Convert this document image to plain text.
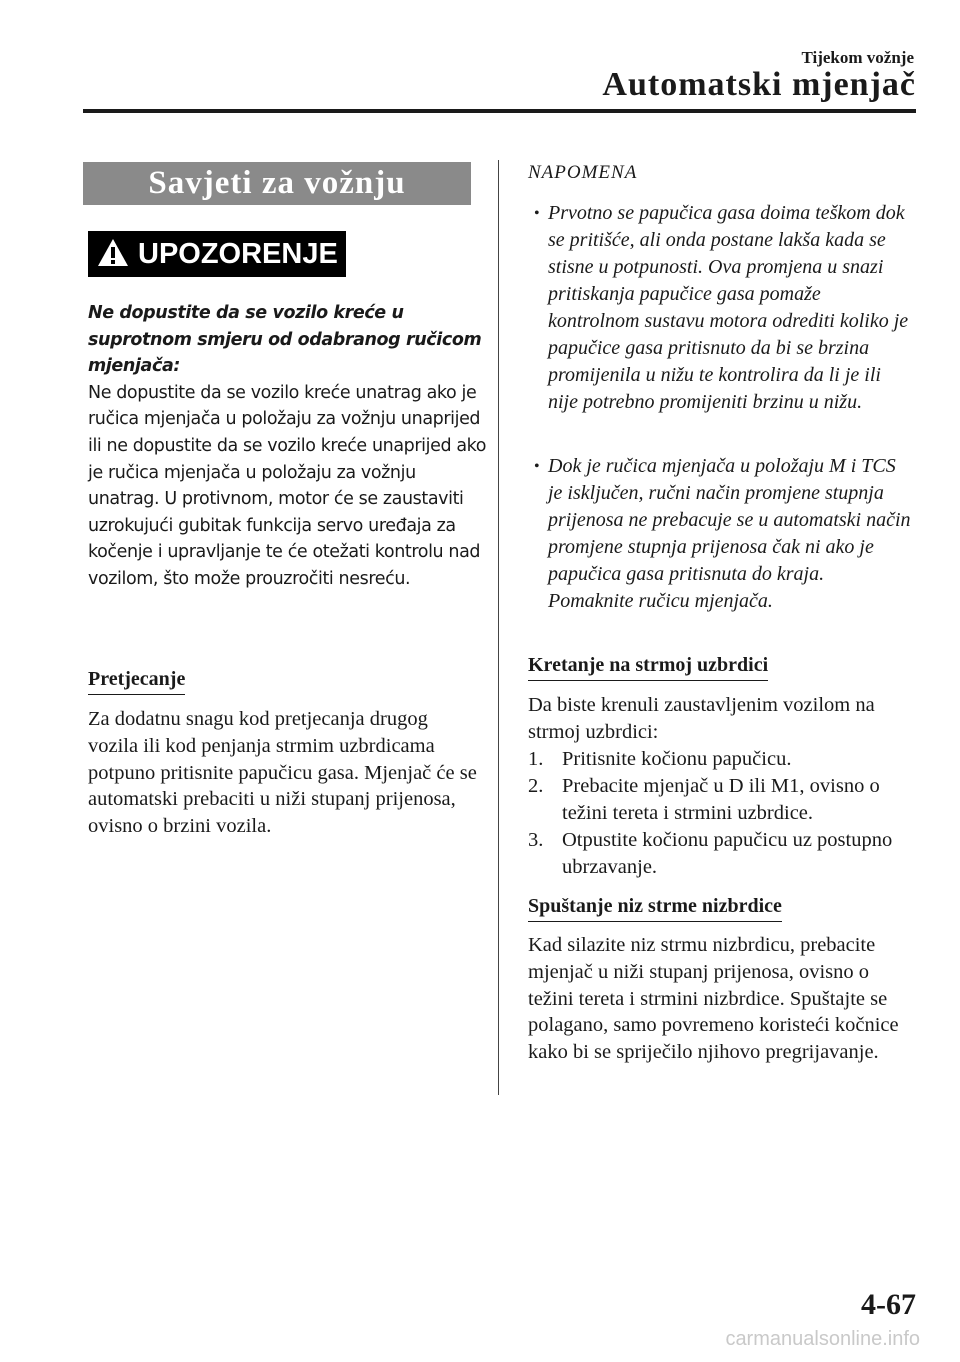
Tijekom vožnje
Automatski mjenjač
Savjeti za vožnju
UPOZORENJE

Ne dopustite da se vozilo kreće u suprotnom smjeru od odabranog ručicom mjenjača:

Ne dopustite da se vozilo kreće unatrag ako je ručica mjenjača u položaju za vožnju unaprijed ili ne dopustite da se vozilo kreće unaprijed ako je ručica mjenjača u položaju za vožnju unatrag. U protivnom, motor će se zaustaviti uzrokujući gubitak funkcija servo uređaja za kočenje i upravljanje te će otežati kontrolu nad vozilom, što može prouzročiti nesreću.

Pretjecanje

Za dodatnu snagu kod pretjecanja drugog vozila ili kod penjanja strmim uzbrdicama potpuno pritisnite papučicu gasa. Mjenjač će se automatski prebaciti u niži stupanj prijenosa, ovisno o brzini vozila.

NAPOMENA
• Prvotno se papučica gasa doima teškom dok se pritišće, ali onda postane lakša kada se stisne u potpunosti. Ova promjena u snazi pritiskanja papučice gasa pomaže kontrolnom sustavu motora odrediti koliko je papučice gasa pritisnuto da bi se brzina promijenila u nižu te kontrolira da li je ili nije potrebno promijeniti brzinu u nižu.
• Dok je ručica mjenjača u položaju M i TCS je isključen, ručni način promjene stupnja prijenosa ne prebacuje se u automatski način promjene stupnja prijenosa čak ni ako je papučica gasa pritisnuta do kraja. Pomaknite ručicu mjenjača.
Kretanje na strmoj uzbrdici

Da biste krenuli zaustavljenim vozilom na strmoj uzbrdici:

1. Pritisnite kočionu papučicu.
2. Prebacite mjenjač u D ili M1, ovisno o težini tereta i strmini uzbrdice.
3. Otpustite kočionu papučicu uz postupno ubrzavanje.
Spuštanje niz strme nizbrdice

Kad silazite niz strmu nizbrdicu, prebacite mjenjač u niži stupanj prijenosa, ovisno o težini tereta i strmini nizbrdice. Spuštajte se polagano, samo povremeno koristeći kočnice kako bi se spriječilo njihovo pregrijavanje.

4-67
carmanualsonline.info
